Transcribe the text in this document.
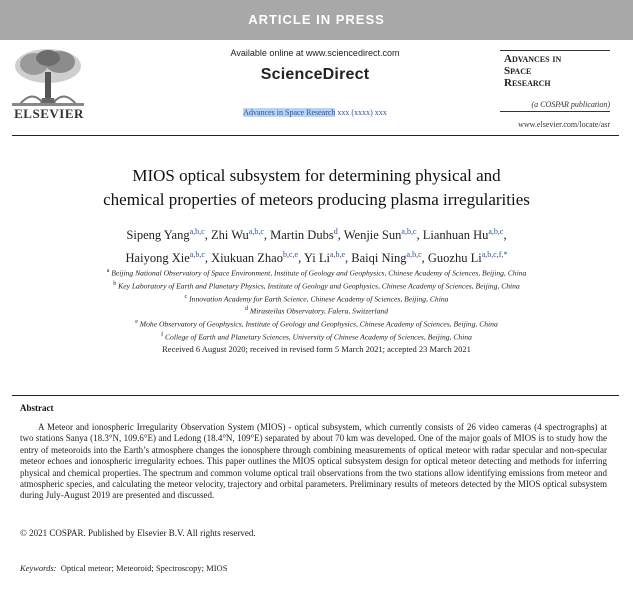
ARTICLE IN PRESS
ELSEVIER
Available online at www.sciencedirect.com
ScienceDirect
Advances in Space Research xxx (xxxx) xxx
Advances in
Space
Research
(a COSPAR publication)
www.elsevier.com/locate/asr
MIOS optical subsystem for determining physical and
chemical properties of meteors producing plasma irregularities
Sipeng Yang$^{a,b,c}$, Zhi Wu$^{a,b,c}$, Martin Dubs$^d$, Wenjie Sun$^{a,b,c}$, Lianhuan Hu$^{a,b,c}$,
Haiyong Xie$^{a,b,c}$, Xiukuan Zhao$^{b,c,e}$, Yi Li$^{a,b,e}$, Baiqi Ning$^{a,b,c}$, Guozhu $Li^{a,b,c,f,*}$
$^a$ Beijing National Observatory of Space Environment, Institute of Geology and Geophysics, Chinese Academy of Sciences, Beijing, China
$^b$ Key Laboratory of Earth and Planetary Physics, Institute of Geology and Geophysics, Chinese Academy of Sciences, Beijing, China
$^c$ Innovation Academy for Earth Science, Chinese Academy of Sciences, Beijing, China
$^d$ Mirasteilas Observatory, Falera, Switzerland
$^e$ Mohe Observatory of Geophysics, Institute of Geology and Geophysics, Chinese Academy of Sciences, Beijing, China
$^f$ College of Earth and Planetary Sciences, University of Chinese Academy of Sciences, Beijing, China
Received 6 August 2020; received in revised form 5 March 2021; accepted 23 March 2021
Abstract
A Meteor and ionospheric Irregularity Observation System (MIOS) - optical subsystem, which currently consists of 26 video cameras (4 spectrographs) at two stations Sanya (18.3°N, 109.6°E) and Ledong (18.4°N, 109°E) separated by about 70 km was developed. One of the major goals of MIOS is to study how the entry of meteoroids into the Earth’s atmosphere changes the ionosphere through combining measurements of optical meteor with radar specular and non-specular meteor echoes and ionospheric irregularity echoes. This paper outlines the MIOS optical subsystem design for optical meteor detecting and methods for inferring physical and chemical properties. The spectrum and common volume optical trail observations from the two stations allow identifying emissions from meteor and atmospheric species, and calculating the meteor velocity, trajectory and orbital parameters. Preliminary results of meteors detected by the MIOS optical subsystem during July-August 2019 are presented and discussed.
© 2021 COSPAR. Published by Elsevier B.V. All rights reserved.
Keywords: Optical meteor; Meteoroid; Spectroscopy; MIOS
